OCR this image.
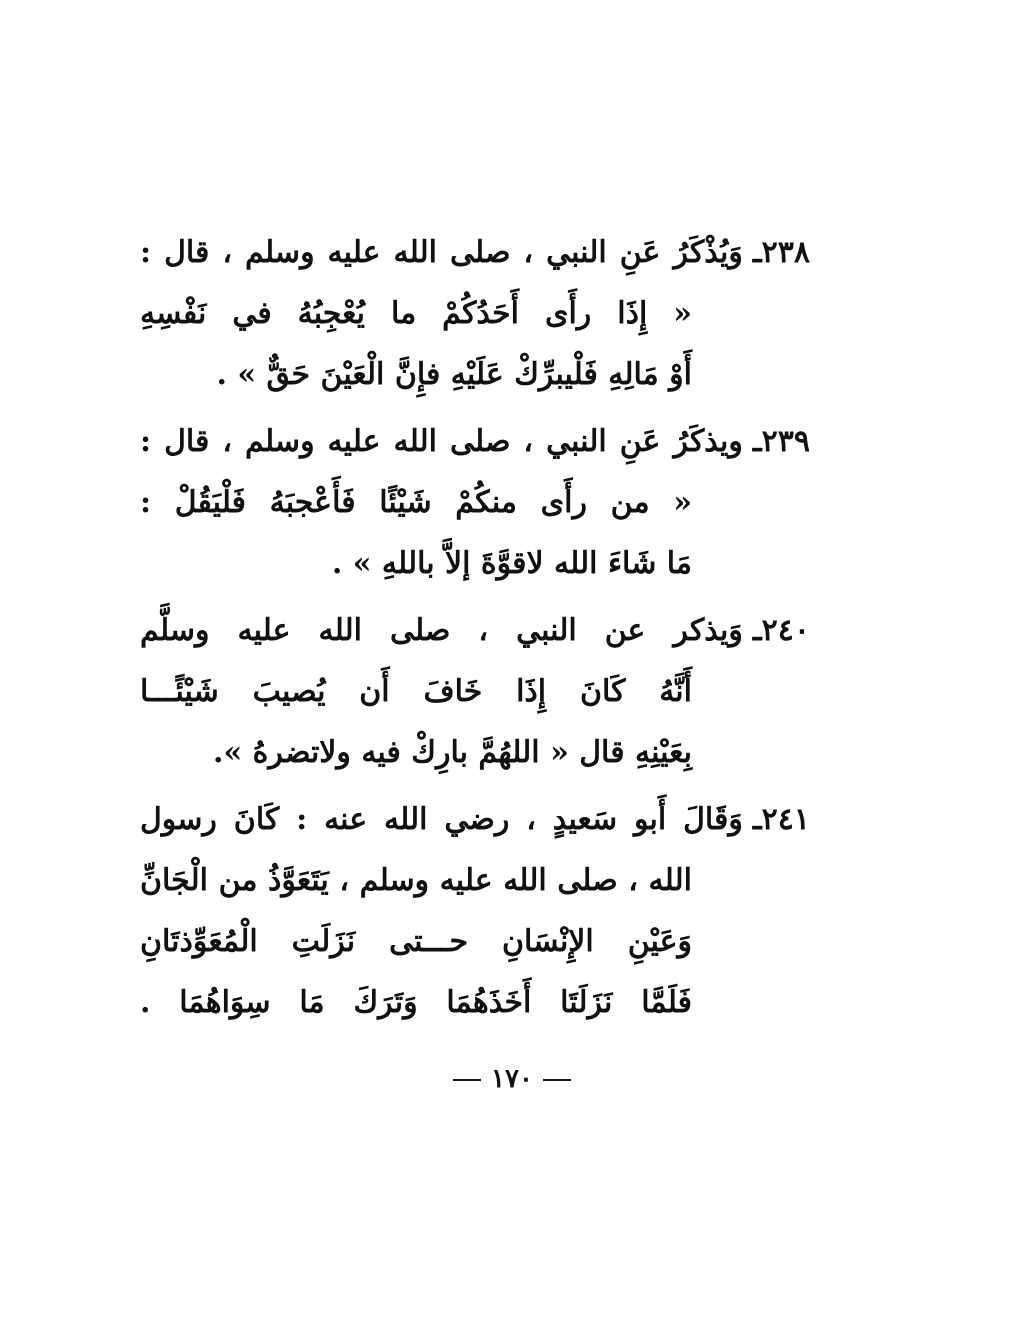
٢٣٨ـوَيُذْكَرُ عَنِ النبي ، صلى الله عليه وسلم ، قال :
« إِذَا رأَى أَحَدُكُمْ ما يُعْجِبُهُ في نَفْسِهِ
أَوْ مَالِهِ فَلْيبرِّكْ عَلَيْهِ فإِنَّ الْعَيْنَ حَقٌّ » .
٢٣٩ـويذكَرُ عَنِ النبي ، صلى الله عليه وسلم ، قال :
« من رأَى منكُمْ شَيْئًا فَأَعْجبَهُ فَلْيَقُلْ :
مَا شَاءَ الله لاقوَّةَ إلاَّ باللهِ » .
٢٤٠ـوَيذكر عن النبي ، صلى الله عليه وسلَّم
أَنَّهُ كَانَ إِذَا خَافَ أَن يُصيبَ شَيْئًـــا
بِعَيْنِهِ قال « اللهُمَّ بارِكْ فيه ولاتضرهُ ».
٢٤١ـوَقَالَ أَبو سَعيدٍ ، رضي الله عنه : كَانَ رسول
الله ، صلى الله عليه وسلم ، يَتَعَوَّذُ من الْجَانِّ
وَعَيْنِ الإِنْسَانِ حـــتى نَزَلَتِ الْمُعَوِّذتَانِ
فَلَمَّا نَزَلَتَا أَخَذَهُمَا وَتَرَكَ مَا سِوَاهُمَا .
١٧٠
